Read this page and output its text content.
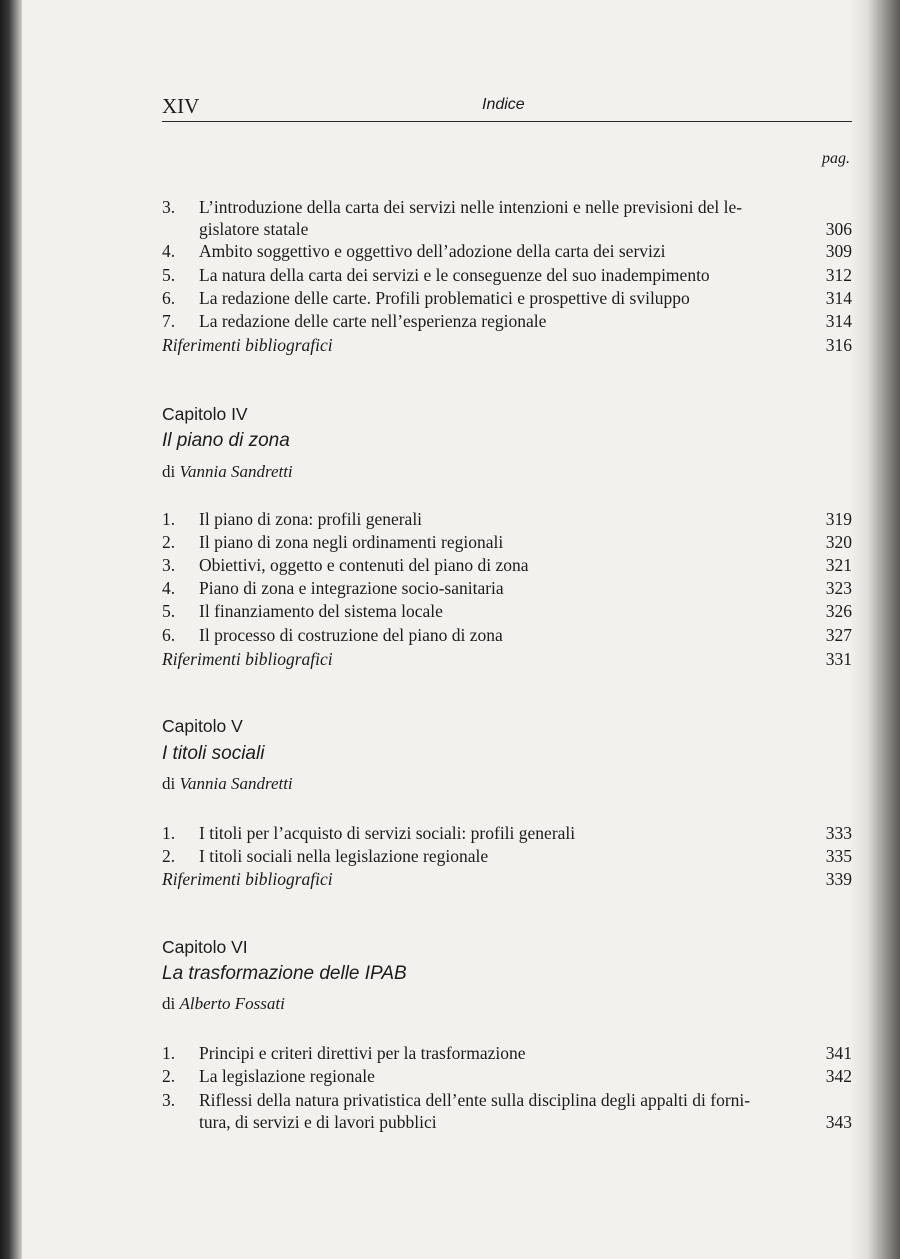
XIV	Indice
pag.
3. L’introduzione della carta dei servizi nelle intenzioni e nelle previsioni del le-
gislatore statale	306
4. Ambito soggettivo e oggettivo dell’adozione della carta dei servizi	309
5. La natura della carta dei servizi e le conseguenze del suo inadempimento	312
6. La redazione delle carte. Profili problematici e prospettive di sviluppo	314
7. La redazione delle carte nell’esperienza regionale	314
Riferimenti bibliografici	316
Capitolo IV
Il piano di zona
di Vannia Sandretti
1. Il piano di zona: profili generali	319
2. Il piano di zona negli ordinamenti regionali	320
3. Obiettivi, oggetto e contenuti del piano di zona	321
4. Piano di zona e integrazione socio-sanitaria	323
5. Il finanziamento del sistema locale	326
6. Il processo di costruzione del piano di zona	327
Riferimenti bibliografici	331
Capitolo V
I titoli sociali
di Vannia Sandretti
1. I titoli per l’acquisto di servizi sociali: profili generali	333
2. I titoli sociali nella legislazione regionale	335
Riferimenti bibliografici	339
Capitolo VI
La trasformazione delle IPAB
di Alberto Fossati
1. Principi e criteri direttivi per la trasformazione	341
2. La legislazione regionale	342
3. Riflessi della natura privatistica dell’ente sulla disciplina degli appalti di forni-
tura, di servizi e di lavori pubblici	343
